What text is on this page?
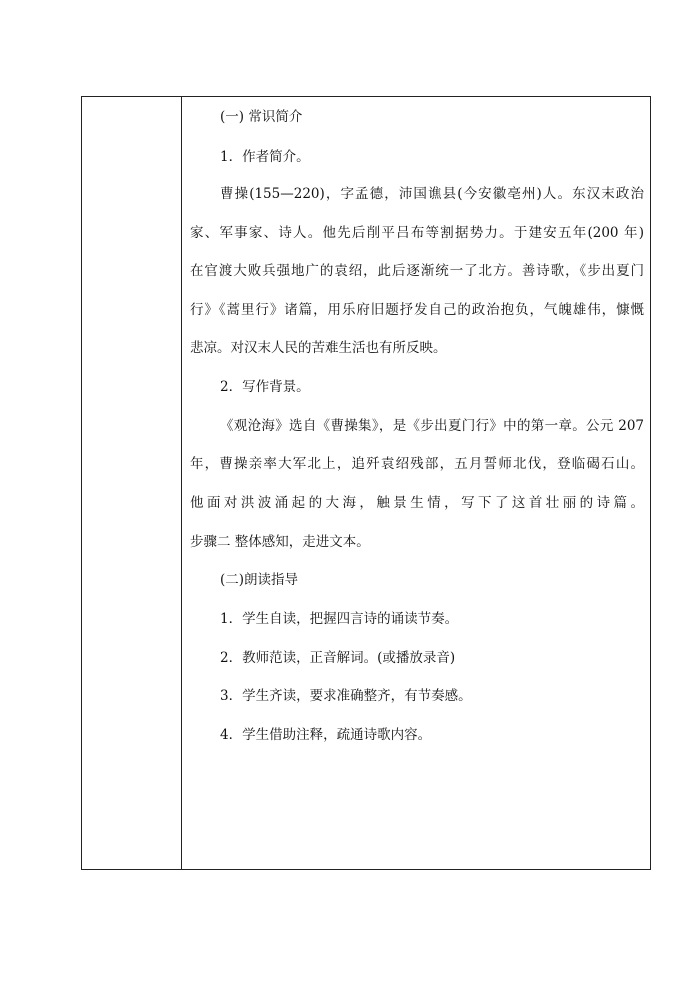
(一) 常识简介
1．作者简介。
曹操(155—220)，字孟德，沛国谯县(今安徽亳州)人。东汉末政治
家、军事家、诗人。他先后削平吕布等割据势力。于建安五年(200 年)
在官渡大败兵强地广的袁绍，此后逐渐统一了北方。善诗歌，《步出夏门
行》《蒿里行》诸篇，用乐府旧题抒发自己的政治抱负，气魄雄伟，慷慨
悲凉。对汉末人民的苦难生活也有所反映。
2．写作背景。
《观沧海》选自《曹操集》，是《步出夏门行》中的第一章。公元 207
年，曹操亲率大军北上，追歼袁绍残部，五月誓师北伐，登临碣石山。
他面对洪波涌起的大海，触景生情，写下了这首壮丽的诗篇。
步骤二 整体感知，走进文本。
(二)朗读指导
1．学生自读，把握四言诗的诵读节奏。
2．教师范读，正音解词。(或播放录音)
3．学生齐读，要求准确整齐，有节奏感。
4．学生借助注释，疏通诗歌内容。
